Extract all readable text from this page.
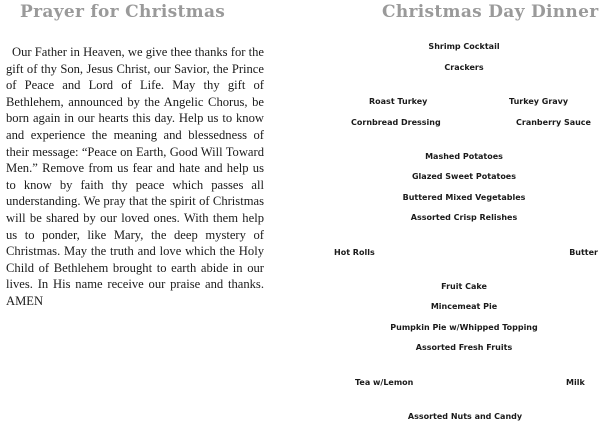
Prayer for Christmas

Our Father in Heaven, we give thee thanks for the gift of thy Son, Jesus Christ, our Savior, the Prince of Peace and Lord of Life. May thy gift of Bethlehem, announced by the Angelic Chorus, be born again in our hearts this day. Help us to know and experience the meaning and blessedness of their message: “Peace on Earth, Good Will Toward Men.” Remove from us fear and hate and help us to know by faith thy peace which passes all understanding. We pray that the spirit of Christmas will be shared by our loved ones. With them help us to ponder, like Mary, the deep mystery of Christmas. May the truth and love which the Holy Child of Bethlehem brought to earth abide in our lives. In His name receive our praise and thanks. AMEN

Christmas Day Dinner
Shrimp Cocktail
Crackers
Roast Turkey	Turkey Gravy
Cornbread Dressing	Cranberry Sauce
Mashed Potatoes
Glazed Sweet Potatoes
Buttered Mixed Vegetables
Assorted Crisp Relishes
Hot Rolls	Butter
Fruit Cake
Mincemeat Pie
Pumpkin Pie w/Whipped Topping
Assorted Fresh Fruits
Tea w/Lemon	Milk
Assorted Nuts and Candy
